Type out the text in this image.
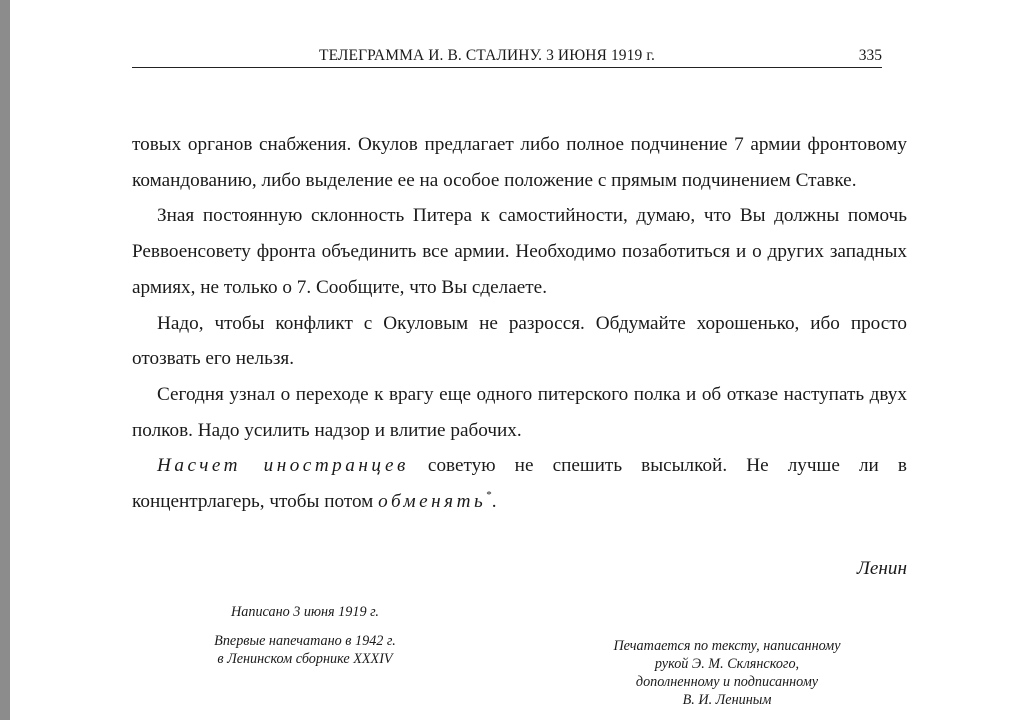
ТЕЛЕГРАММА И. В. СТАЛИНУ. 3 ИЮНЯ 1919 г.	335

товых органов снабжения. Окулов предлагает либо полное подчинение 7 армии фронтовому командованию, либо выделение ее на особое положение с прямым подчинением Ставке.

Зная постоянную склонность Питера к самостийности, думаю, что Вы должны помочь Реввоенсовету фронта объединить все армии. Необходимо позаботиться и о других западных армиях, не только о 7. Сообщите, что Вы сделаете.

Надо, чтобы конфликт с Окуловым не разросся. Обдумайте хорошенько, ибо просто отозвать его нельзя.

Сегодня узнал о переходе к врагу еще одного питерского полка и об отказе наступать двух полков. Надо усилить надзор и влитие рабочих.

Насчет иностранцев советую не спешить высылкой. Не лучше ли в концентрлагерь, чтобы потом обменять*.

Ленин
Написано 3 июня 1919 г.
Впервые напечатано в 1942 г.
в Ленинском сборнике XXXIV
Печатается по тексту, написанному
рукой Э. М. Склянского,
дополненному и подписанному
В. И. Лениным
